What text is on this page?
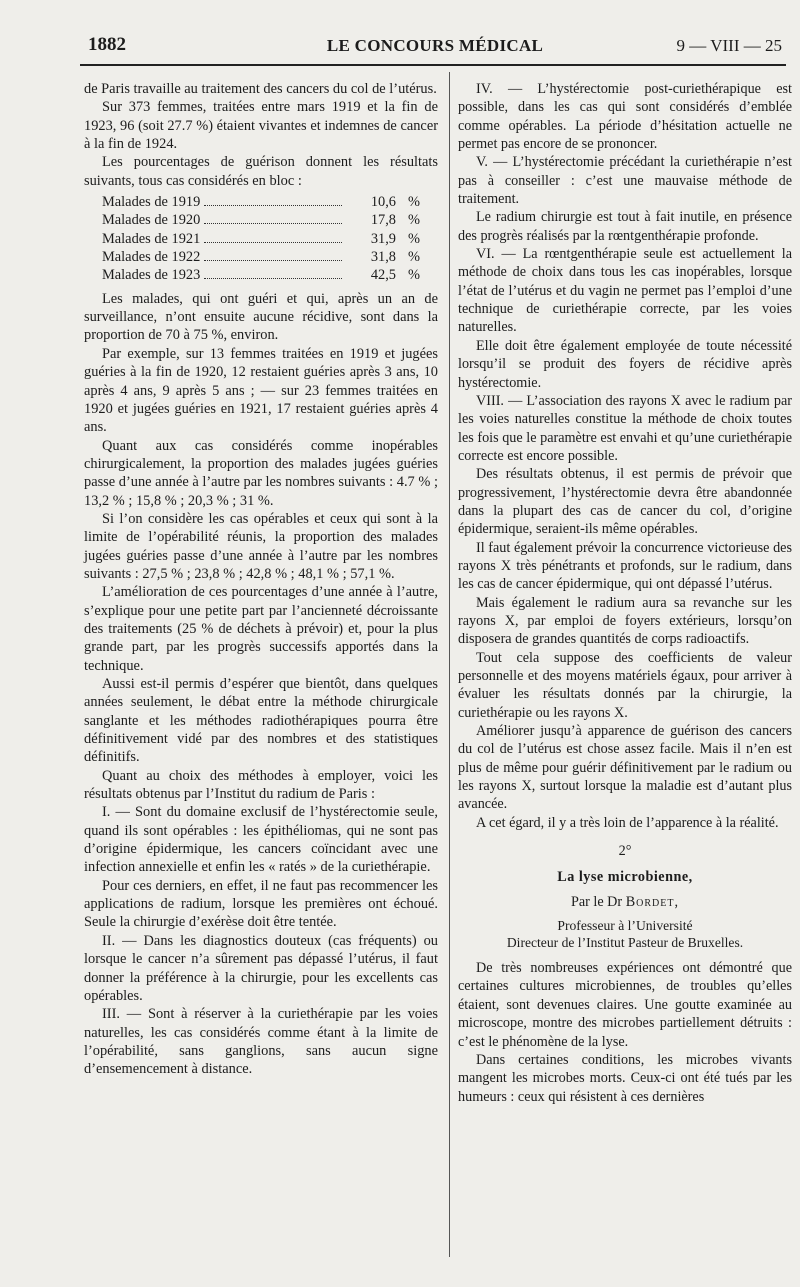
1882	LE CONCOURS MÉDICAL	9 — VIII — 25

de Paris travaille au traitement des cancers du col de l’utérus.

Sur 373 femmes, traitées entre mars 1919 et la fin de 1923, 96 (soit 27.7 %) étaient vivantes et indemnes de cancer à la fin de 1924.

Les pourcentages de guérison donnent les résultats suivants, tous cas considérés en bloc :

Malades de 1919	10,6 %
Malades de 1920	17,8 %
Malades de 1921	31,9 %
Malades de 1922	31,8 %
Malades de 1923	42,5 %

Les malades, qui ont guéri et qui, après un an de surveillance, n’ont ensuite aucune récidive, sont dans la proportion de 70 à 75 %, environ.

Par exemple, sur 13 femmes traitées en 1919 et jugées guéries à la fin de 1920, 12 restaient guéries après 3 ans, 10 après 4 ans, 9 après 5 ans ; — sur 23 femmes traitées en 1920 et jugées guéries en 1921, 17 restaient guéries après 4 ans.

Quant aux cas considérés comme inopérables chirurgicalement, la proportion des malades jugées guéries passe d’une année à l’autre par les nombres suivants : 4.7 % ; 13,2 % ; 15,8 % ; 20,3 % ; 31 %.

Si l’on considère les cas opérables et ceux qui sont à la limite de l’opérabilité réunis, la proportion des malades jugées guéries passe d’une année à l’autre par les nombres suivants : 27,5 % ; 23,8 % ; 42,8 % ; 48,1 % ; 57,1 %.

L’amélioration de ces pourcentages d’une année à l’autre, s’explique pour une petite part par l’ancienneté décroissante des traitements (25 % de déchets à prévoir) et, pour la plus grande part, par les progrès successifs apportés dans la technique.

Aussi est-il permis d’espérer que bientôt, dans quelques années seulement, le débat entre la méthode chirurgicale sanglante et les méthodes radiothérapiques pourra être définitivement vidé par des nombres et des statistiques définitifs.

Quant au choix des méthodes à employer, voici les résultats obtenus par l’Institut du radium de Paris :

I. — Sont du domaine exclusif de l’hystérectomie seule, quand ils sont opérables : les épithéliomas, qui ne sont pas d’origine épidermique, les cancers coïncidant avec une infection annexielle et enfin les « ratés » de la curiethérapie.

Pour ces derniers, en effet, il ne faut pas recommencer les applications de radium, lorsque les premières ont échoué. Seule la chirurgie d’exérèse doit être tentée.

II. — Dans les diagnostics douteux (cas fréquents) ou lorsque le cancer n’a sûrement pas dépassé l’utérus, il faut donner la préférence à la chirurgie, pour les excellents cas opérables.

III. — Sont à réserver à la curiethérapie par les voies naturelles, les cas considérés comme étant à la limite de l’opérabilité, sans ganglions, sans aucun signe d’ensemencement à distance.

IV. — L’hystérectomie post-curiethérapique est possible, dans les cas qui sont considérés d’emblée comme opérables. La période d’hésitation actuelle ne permet pas encore de se prononcer.

V. — L’hystérectomie précédant la curiethérapie n’est pas à conseiller : c’est une mauvaise méthode de traitement.

Le radium chirurgie est tout à fait inutile, en présence des progrès réalisés par la rœntgenthérapie profonde.

VI. — La rœntgenthérapie seule est actuellement la méthode de choix dans tous les cas inopérables, lorsque l’état de l’utérus et du vagin ne permet pas l’emploi d’une technique de curiethérapie correcte, par les voies naturelles.

Elle doit être également employée de toute nécessité lorsqu’il se produit des foyers de récidive après hystérectomie.

VIII. — L’association des rayons X avec le radium par les voies naturelles constitue la méthode de choix toutes les fois que le paramètre est envahi et qu’une curiethérapie correcte est encore possible.

Des résultats obtenus, il est permis de prévoir que progressivement, l’hystérectomie devra être abandonnée dans la plupart des cas de cancer du col, d’origine épidermique, seraient-ils même opérables.

Il faut également prévoir la concurrence victorieuse des rayons X très pénétrants et profonds, sur le radium, dans les cas de cancer épidermique, qui ont dépassé l’utérus.

Mais également le radium aura sa revanche sur les rayons X, par emploi de foyers extérieurs, lorsqu’on disposera de grandes quantités de corps radioactifs.

Tout cela suppose des coefficients de valeur personnelle et des moyens matériels égaux, pour arriver à évaluer les résultats donnés par la chirurgie, la curiethérapie ou les rayons X.

Améliorer jusqu’à apparence de guérison des cancers du col de l’utérus est chose assez facile. Mais il n’en est plus de même pour guérir définitivement par le radium ou les rayons X, surtout lorsque la maladie est d’autant plus avancée.

A cet égard, il y a très loin de l’apparence à la réalité.

2°
La lyse microbienne,
Par le Dr Bordet,
Professeur à l’Université
Directeur de l’Institut Pasteur de Bruxelles.

De très nombreuses expériences ont démontré que certaines cultures microbiennes, de troubles qu’elles étaient, sont devenues claires. Une goutte examinée au microscope, montre des microbes partiellement détruits : c’est le phénomène de la lyse.

Dans certaines conditions, les microbes vivants mangent les microbes morts. Ceux-ci ont été tués par les humeurs : ceux qui résistent à ces dernières
